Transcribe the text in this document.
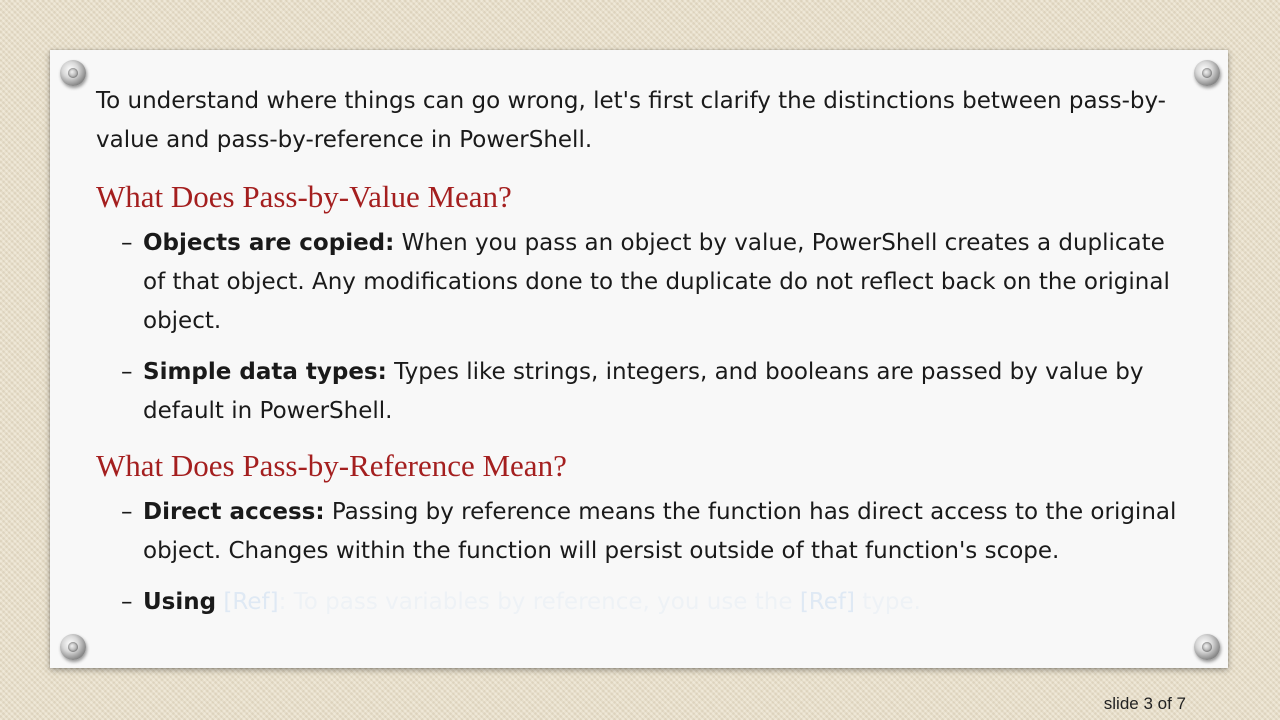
To understand where things can go wrong, let's first clarify the distinctions between pass-by-value and pass-by-reference in PowerShell.

What Does Pass-by-Value Mean?
– Objects are copied: When you pass an object by value, PowerShell creates a duplicate of that object. Any modifications done to the duplicate do not reflect back on the original object.
– Simple data types: Types like strings, integers, and booleans are passed by value by default in PowerShell.
What Does Pass-by-Reference Mean?
– Direct access: Passing by reference means the function has direct access to the original object. Changes within the function will persist outside of that function's scope.
– Using [Ref]: To pass variables by reference, you use the [Ref] type.
slide 3 of 7
